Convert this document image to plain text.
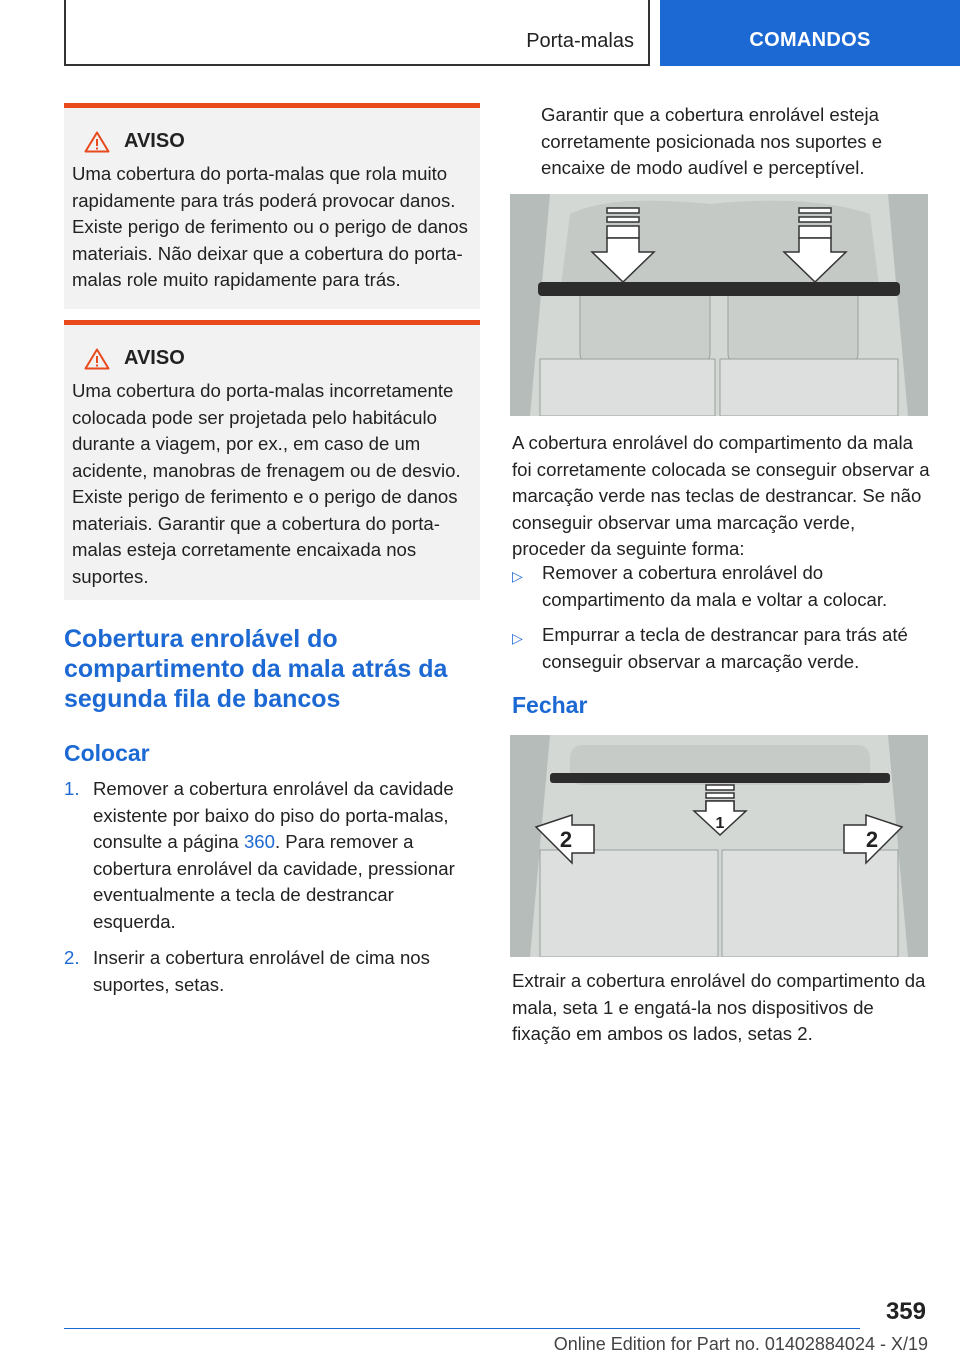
Porta-malas	COMANDOS
AVISO
Uma cobertura do porta-malas que rola muito rapidamente para trás poderá provocar danos. Existe perigo de ferimento ou o perigo de danos materiais. Não deixar que a cobertura do porta-malas role muito rapidamente para trás.
AVISO
Uma cobertura do porta-malas incorretamente colocada pode ser projetada pelo habitáculo durante a viagem, por ex., em caso de um acidente, manobras de frenagem ou de desvio. Existe perigo de ferimento e o perigo de danos materiais. Garantir que a cobertura do porta-malas esteja corretamente encaixada nos suportes.
Cobertura enrolável do compartimento da mala atrás da segunda fila de bancos
Colocar
1. Remover a cobertura enrolável da cavidade existente por baixo do piso do porta-malas, consulte a página 360. Para remover a cobertura enrolável da cavidade, pressionar eventualmente a tecla de destrancar esquerda.
2. Inserir a cobertura enrolável de cima nos suportes, setas.
Garantir que a cobertura enrolável esteja corretamente posicionada nos suportes e encaixe de modo audível e perceptível.
A cobertura enrolável do compartimento da mala foi corretamente colocada se conseguir observar a marcação verde nas teclas de destrancar. Se não conseguir observar uma marcação verde, proceder da seguinte forma:
▷	Remover a cobertura enrolável do compartimento da mala e voltar a colocar.
▷	Empurrar a tecla de destrancar para trás até conseguir observar a marcação verde.
Fechar
1
2	2
Extrair a cobertura enrolável do compartimento da mala, seta 1 e engatá-la nos dispositivos de fixação em ambos os lados, setas 2.
359
Online Edition for Part no. 01402884024 - X/19
